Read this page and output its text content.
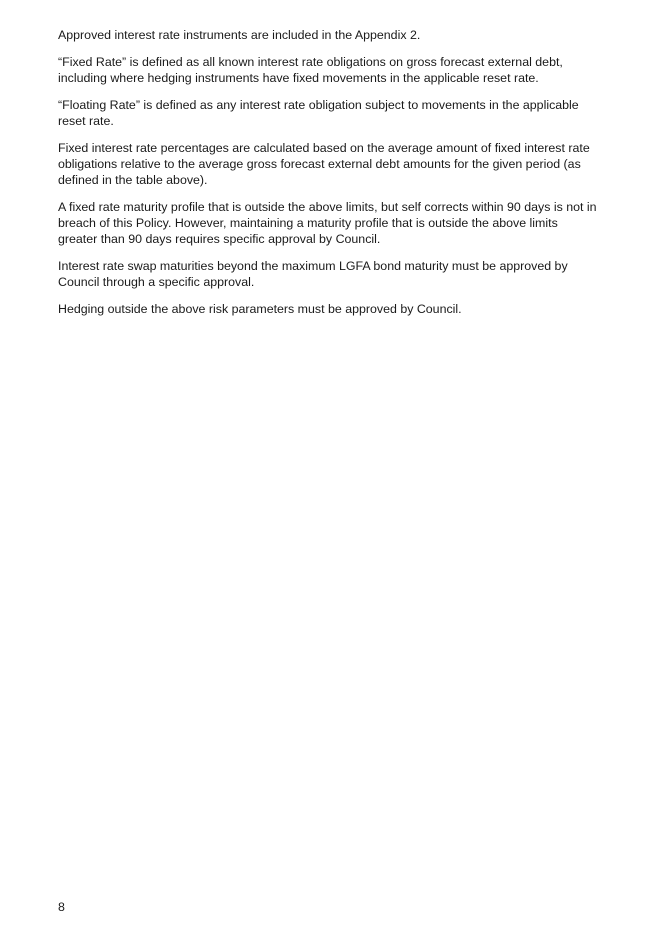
Approved interest rate instruments are included in the Appendix 2.

“Fixed Rate” is defined as all known interest rate obligations on gross forecast external debt, including where hedging instruments have fixed movements in the applicable reset rate.

“Floating Rate” is defined as any interest rate obligation subject to movements in the applicable reset rate.

Fixed interest rate percentages are calculated based on the average amount of fixed interest rate obligations relative to the average gross forecast external debt amounts for the given period (as defined in the table above).

A fixed rate maturity profile that is outside the above limits, but self corrects within 90 days is not in breach of this Policy. However, maintaining a maturity profile that is outside the above limits greater than 90 days requires specific approval by Council.

Interest rate swap maturities beyond the maximum LGFA bond maturity must be approved by Council through a specific approval.

Hedging outside the above risk parameters must be approved by Council.

8
